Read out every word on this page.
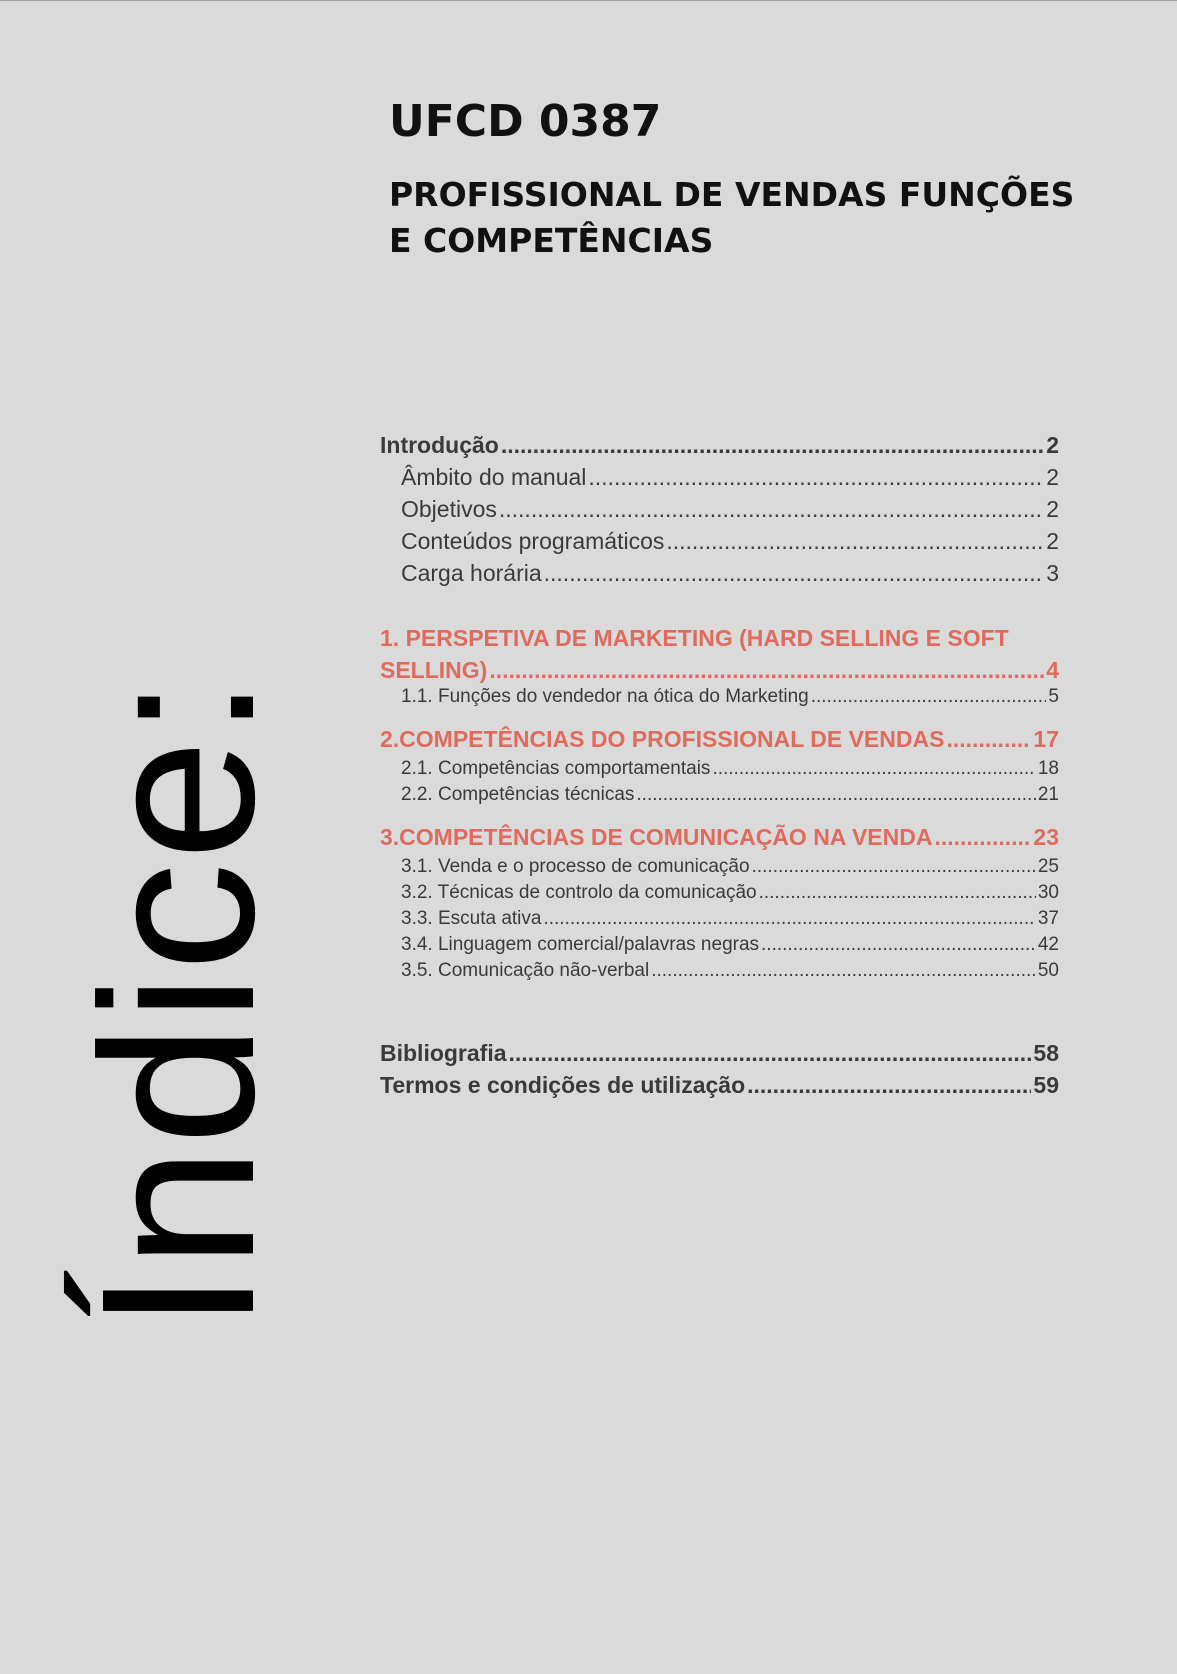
Índice:
UFCD 0387
PROFISSIONAL DE VENDAS FUNÇÕES E COMPETÊNCIAS
Introdução .....	2
Âmbito do manual .....	2
Objetivos .....	2
Conteúdos programáticos .....	2
Carga horária .....	3
1. PERSPETIVA DE MARKETING (HARD SELLING E SOFT
SELLING) .....	4
1.1. Funções do vendedor na ótica do Marketing .....	5
2.COMPETÊNCIAS DO PROFISSIONAL DE VENDAS .....	17
2.1. Competências comportamentais .....	18
2.2. Competências técnicas .....	21
3.COMPETÊNCIAS DE COMUNICAÇÃO NA VENDA .....	23
3.1. Venda e o processo de comunicação .....	25
3.2. Técnicas de controlo da comunicação .....	30
3.3. Escuta ativa .....	37
3.4. Linguagem comercial/palavras negras .....	42
3.5. Comunicação não-verbal .....	50
Bibliografia .....	58
Termos e condições de utilização .....	59
